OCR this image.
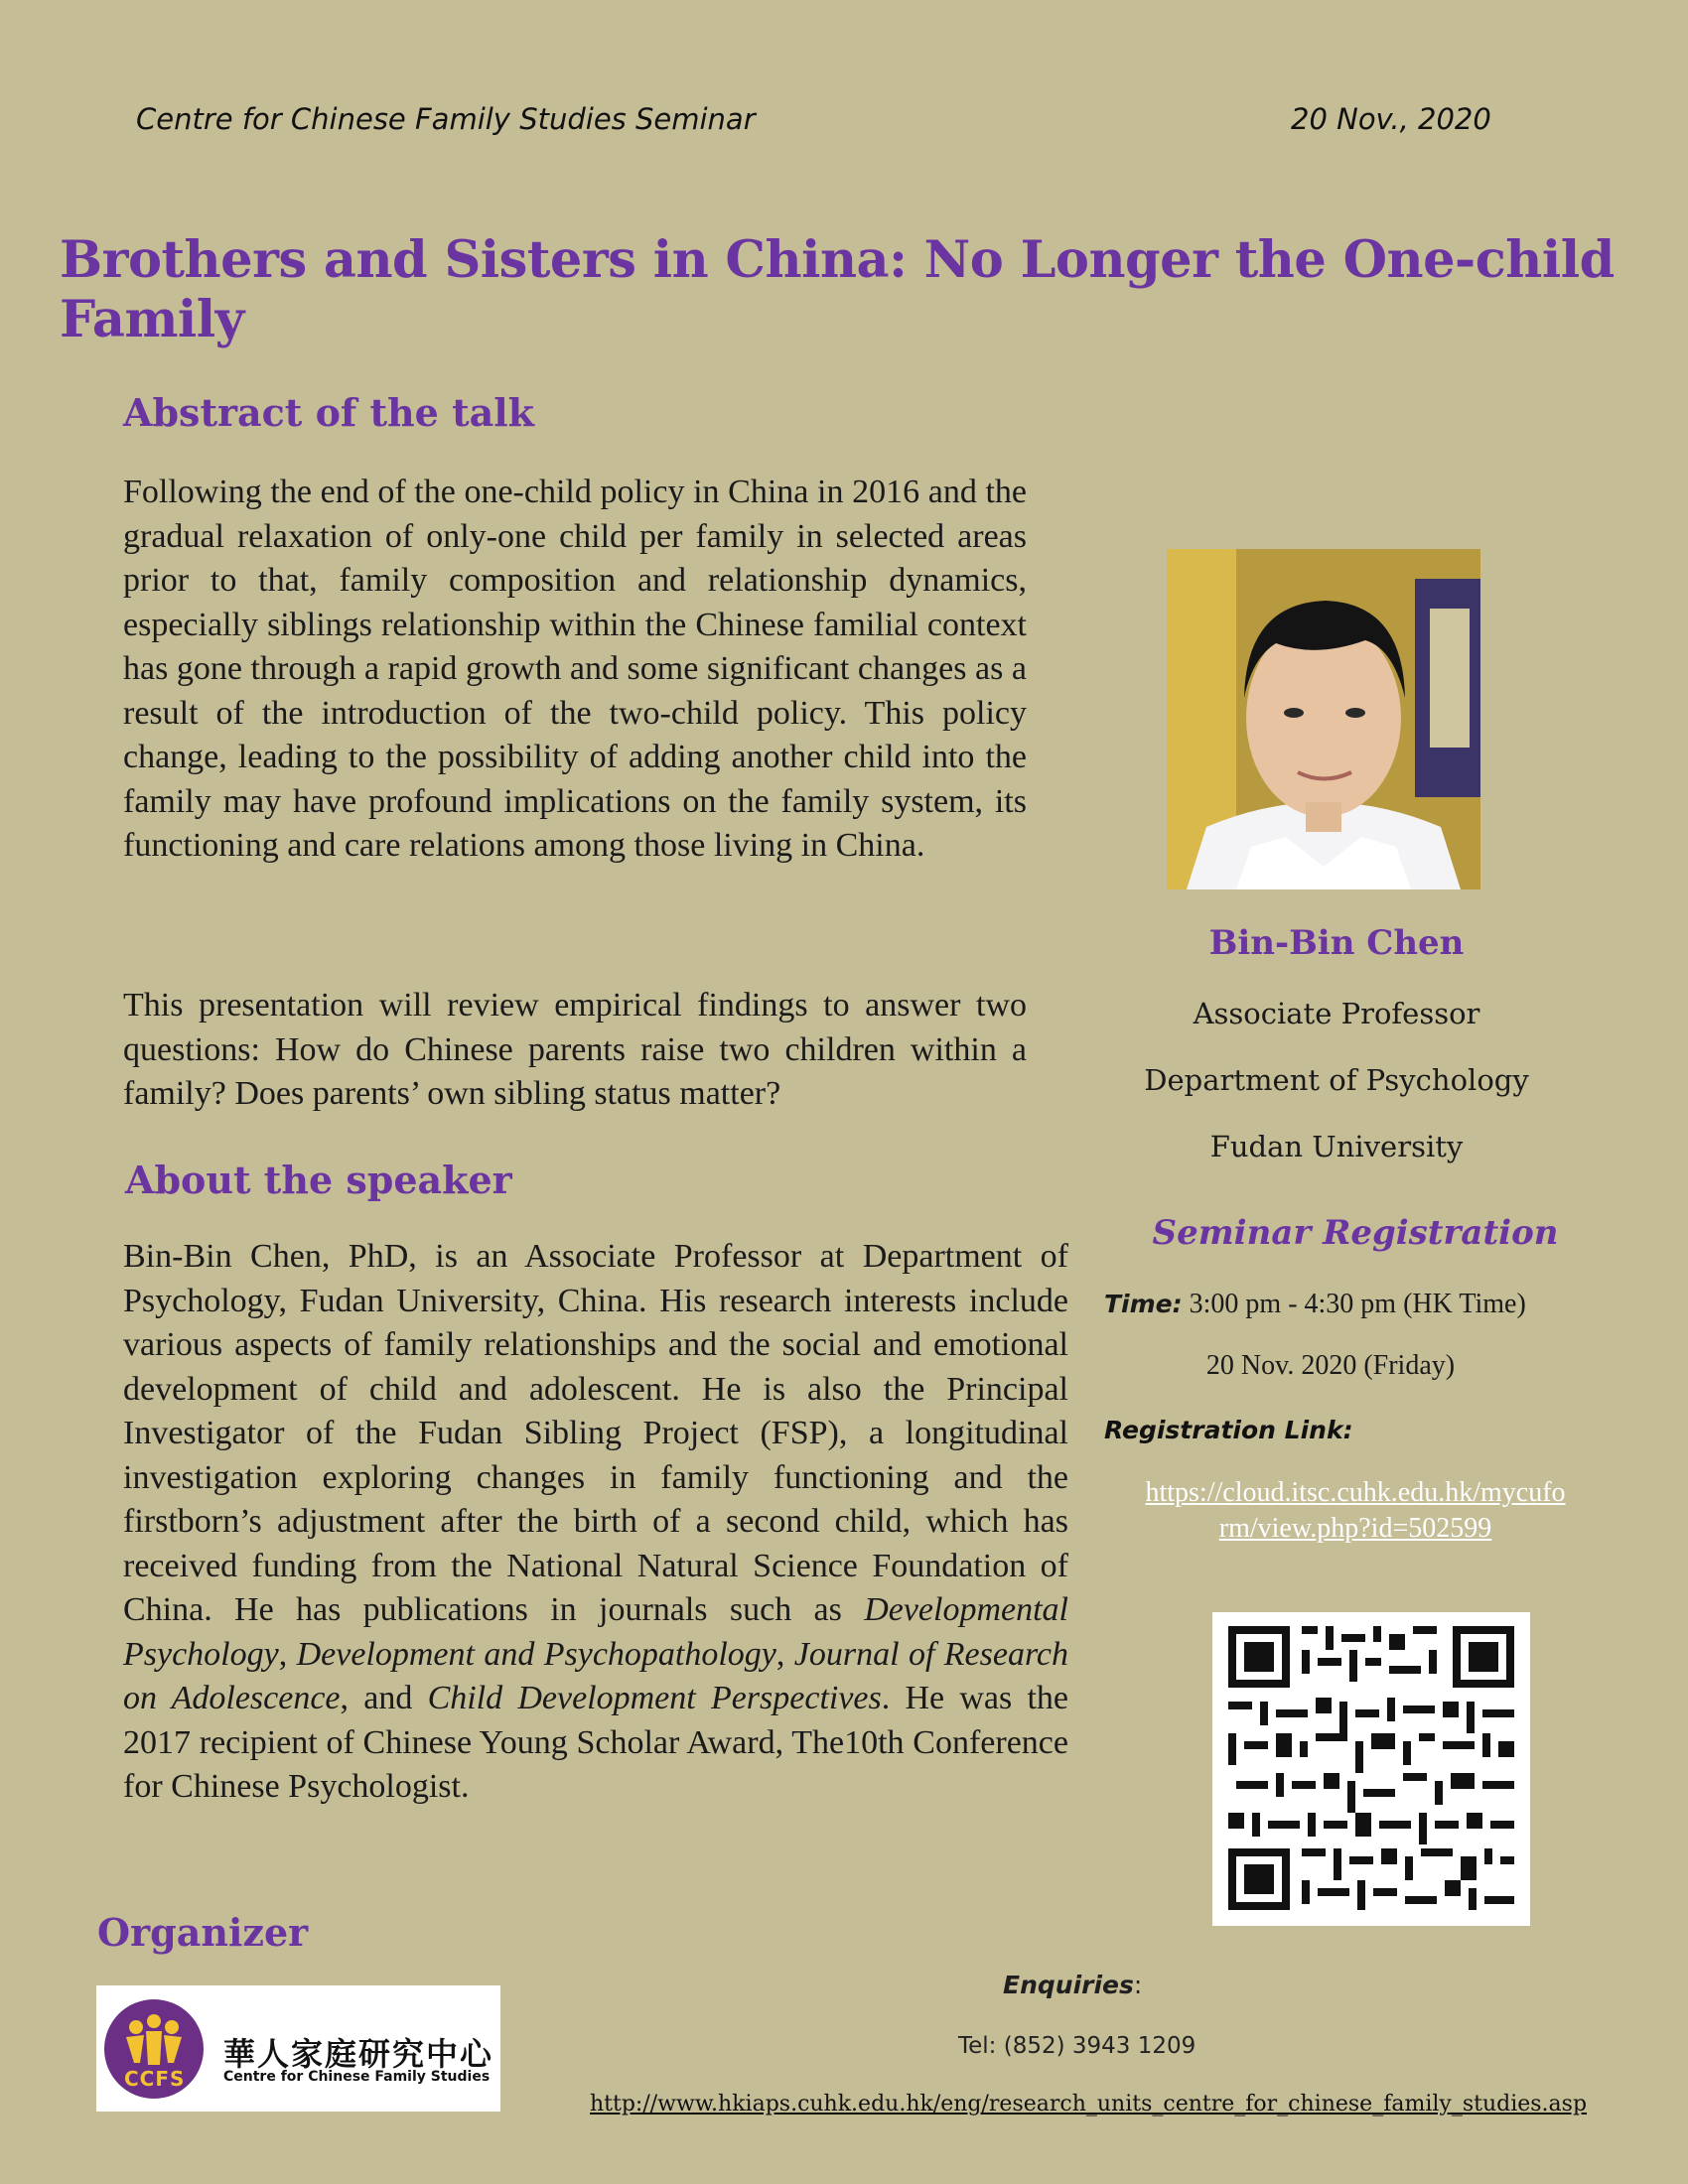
Centre for Chinese Family Studies Seminar	20 Nov., 2020
Brothers and Sisters in China: No Longer the One-child Family
Abstract of the talk
Following the end of the one-child policy in China in 2016 and the gradual relaxation of only-one child per family in selected areas prior to that, family composition and relationship dynamics, especially siblings relationship within the Chinese familial context has gone through a rapid growth and some significant changes as a result of the introduction of the two-child policy. This policy change, leading to the possibility of adding another child into the family may have profound implications on the family system, its functioning and care relations among those living in China.
This presentation will review empirical findings to answer two questions: How do Chinese parents raise two children within a family? Does parents’ own sibling status matter?
About the speaker
Bin-Bin Chen, PhD, is an Associate Professor at Department of Psychology, Fudan University, China. His research interests include various aspects of family relationships and the social and emotional development of child and adolescent. He is also the Principal Investigator of the Fudan Sibling Project (FSP), a longitudinal investigation exploring changes in family functioning and the firstborn’s adjustment after the birth of a second child, which has received funding from the National Natural Science Foundation of China. He has publications in journals such as Developmental Psychology, Development and Psychopathology, Journal of Research on Adolescence, and Child Development Perspectives. He was the 2017 recipient of Chinese Young Scholar Award, The10th Conference for Chinese Psychologist.
Bin-Bin Chen
Associate Professor
Department of Psychology
Fudan University
Seminar Registration
Time: 3:00 pm - 4:30 pm (HK Time)
20 Nov. 2020 (Friday)
Registration Link:
https://cloud.itsc.cuhk.edu.hk/mycufo
rm/view.php?id=502599
Organizer
CCFS
華人家庭研究中心
Centre for Chinese Family Studies
Enquiries:
Tel: (852) 3943 1209
http://www.hkiaps.cuhk.edu.hk/eng/research_units_centre_for_chinese_family_studies.asp
